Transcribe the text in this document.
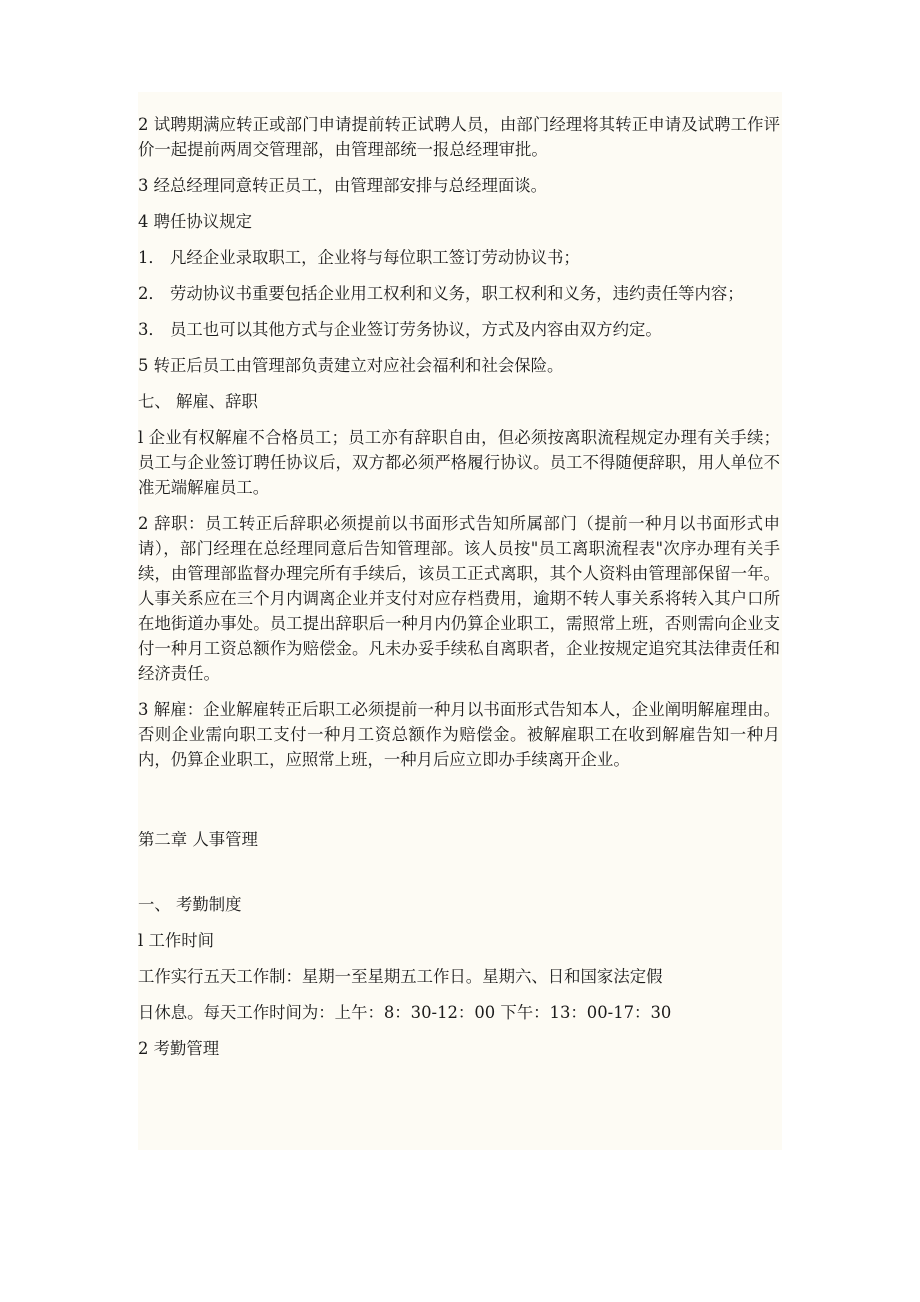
2 试聘期满应转正或部门申请提前转正试聘人员，由部门经理将其转正申请及试聘工作评价一起提前两周交管理部，由管理部统一报总经理审批。

3 经总经理同意转正员工，由管理部安排与总经理面谈。

4 聘任协议规定

1． 凡经企业录取职工，企业将与每位职工签订劳动协议书；

2． 劳动协议书重要包括企业用工权利和义务，职工权利和义务，违约责任等内容；

3． 员工也可以其他方式与企业签订劳务协议，方式及内容由双方约定。

5 转正后员工由管理部负责建立对应社会福利和社会保险。

七、 解雇、辞职

l 企业有权解雇不合格员工；员工亦有辞职自由，但必须按离职流程规定办理有关手续；员工与企业签订聘任协议后，双方都必须严格履行协议。员工不得随便辞职，用人单位不准无端解雇员工。

2 辞职：员工转正后辞职必须提前以书面形式告知所属部门（提前一种月以书面形式申请），部门经理在总经理同意后告知管理部。该人员按"员工离职流程表"次序办理有关手续，由管理部监督办理完所有手续后，该员工正式离职，其个人资料由管理部保留一年。人事关系应在三个月内调离企业并支付对应存档费用，逾期不转人事关系将转入其户口所在地街道办事处。员工提出辞职后一种月内仍算企业职工，需照常上班，否则需向企业支付一种月工资总额作为赔偿金。凡未办妥手续私自离职者，企业按规定追究其法律责任和经济责任。

3 解雇：企业解雇转正后职工必须提前一种月以书面形式告知本人，企业阐明解雇理由。否则企业需向职工支付一种月工资总额作为赔偿金。被解雇职工在收到解雇告知一种月内，仍算企业职工，应照常上班，一种月后应立即办手续离开企业。

第二章 人事管理

一、 考勤制度

l 工作时间

工作实行五天工作制：星期一至星期五工作日。星期六、日和国家法定假

日休息。每天工作时间为：上午：8：30-12：00 下午：13：00-17：30

2 考勤管理
